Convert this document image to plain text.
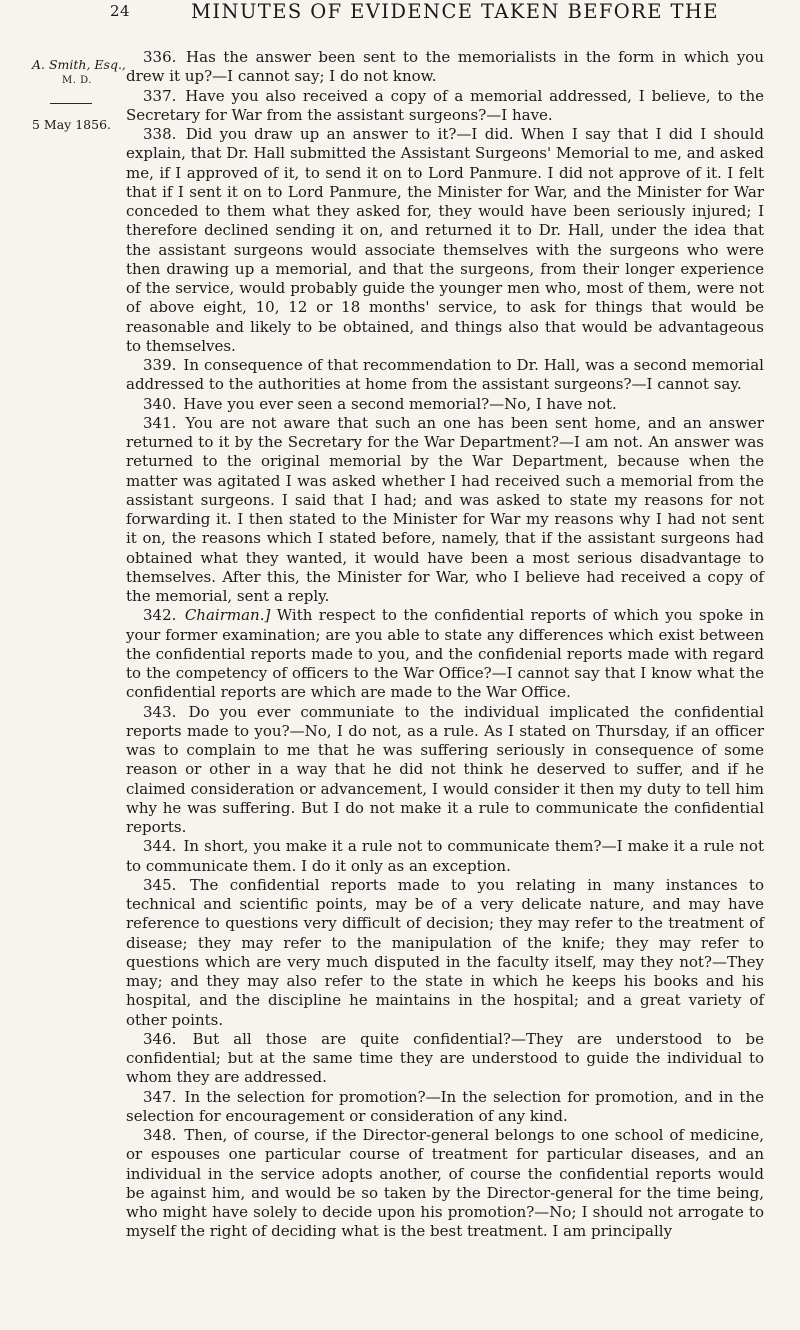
24	MINUTES OF EVIDENCE TAKEN BEFORE THE
A. Smith, Esq.,
M. D.
5 May 1856.

336. Has the answer been sent to the memorialists in the form in which you drew it up?—I cannot say; I do not know.

337. Have you also received a copy of a memorial addressed, I believe, to the Secretary for War from the assistant surgeons?—I have.

338. Did you draw up an answer to it?—I did. When I say that I did I should explain, that Dr. Hall submitted the Assistant Surgeons' Memorial to me, and asked me, if I approved of it, to send it on to Lord Panmure. I did not approve of it. I felt that if I sent it on to Lord Panmure, the Minister for War, and the Minister for War conceded to them what they asked for, they would have been seriously injured; I therefore declined sending it on, and returned it to Dr. Hall, under the idea that the assistant surgeons would associate themselves with the surgeons who were then drawing up a memorial, and that the surgeons, from their longer experience of the service, would probably guide the younger men who, most of them, were not of above eight, 10, 12 or 18 months' service, to ask for things that would be reasonable and likely to be obtained, and things also that would be advantageous to themselves.

339. In consequence of that recommendation to Dr. Hall, was a second memorial addressed to the authorities at home from the assistant surgeons?—I cannot say.

340. Have you ever seen a second memorial?—No, I have not.

341. You are not aware that such an one has been sent home, and an answer returned to it by the Secretary for the War Department?—I am not. An answer was returned to the original memorial by the War Department, because when the matter was agitated I was asked whether I had received such a memorial from the assistant surgeons. I said that I had; and was asked to state my reasons for not forwarding it. I then stated to the Minister for War my reasons why I had not sent it on, the reasons which I stated before, namely, that if the assistant surgeons had obtained what they wanted, it would have been a most serious disadvantage to themselves. After this, the Minister for War, who I believe had received a copy of the memorial, sent a reply.

342. Chairman.] With respect to the confidential reports of which you spoke in your former examination; are you able to state any differences which exist between the confidential reports made to you, and the confidenial reports made with regard to the competency of officers to the War Office?—I cannot say that I know what the confidential reports are which are made to the War Office.

343. Do you ever communiate to the individual implicated the confidential reports made to you?—No, I do not, as a rule. As I stated on Thursday, if an officer was to complain to me that he was suffering seriously in consequence of some reason or other in a way that he did not think he deserved to suffer, and if he claimed consideration or advancement, I would consider it then my duty to tell him why he was suffering. But I do not make it a rule to communicate the confidential reports.

344. In short, you make it a rule not to communicate them?—I make it a rule not to communicate them. I do it only as an exception.

345. The confidential reports made to you relating in many instances to technical and scientific points, may be of a very delicate nature, and may have reference to questions very difficult of decision; they may refer to the treatment of disease; they may refer to the manipulation of the knife; they may refer to questions which are very much disputed in the faculty itself, may they not?—They may; and they may also refer to the state in which he keeps his books and his hospital, and the discipline he maintains in the hospital; and a great variety of other points.

346. But all those are quite confidential?—They are understood to be confidential; but at the same time they are understood to guide the individual to whom they are addressed.

347. In the selection for promotion?—In the selection for promotion, and in the selection for encouragement or consideration of any kind.

348. Then, of course, if the Director-general belongs to one school of medicine, or espouses one particular course of treatment for particular diseases, and an individual in the service adopts another, of course the confidential reports would be against him, and would be so taken by the Director-general for the time being, who might have solely to decide upon his promotion?—No; I should not arrogate to myself the right of deciding what is the best treatment. I am principally
